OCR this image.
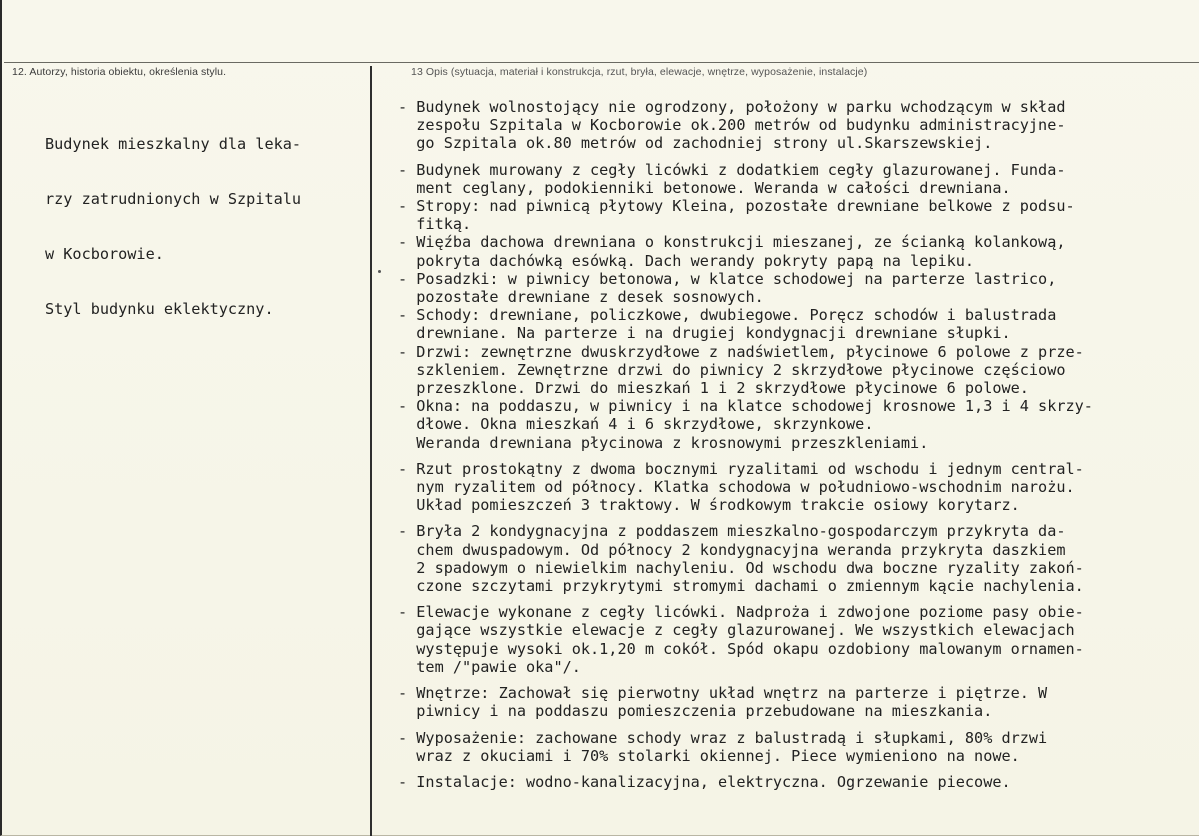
12. Autorzy, historia obiektu, określenia stylu.	13 Opis (sytuacja, materiał i konstrukcja, rzut, bryła, elewacje, wnętrze, wyposażenie, instalacje)

Budynek mieszkalny dla leka-

rzy zatrudnionych w Szpitalu

w Kocborowie.

Styl budynku eklektyczny.

- Budynek wolnostojący nie ogrodzony, położony w parku wchodzącym w skład
zespołu Szpitala w Kocborowie ok.200 metrów od budynku administracyjne-
go Szpitala ok.80 metrów od zachodniej strony ul.Skarszewskiej.

- Budynek murowany z cegły licówki z dodatkiem cegły glazurowanej. Funda-
ment ceglany, podokienniki betonowe. Weranda w całości drewniana.

- Stropy: nad piwnicą płytowy Kleina, pozostałe drewniane belkowe z podsu-
fitką.

- Więźba dachowa drewniana o konstrukcji mieszanej, ze ścianką kolankową,
pokryta dachówką esówką. Dach werandy pokryty papą na lepiku.

- Posadzki: w piwnicy betonowa, w klatce schodowej na parterze lastrico,
pozostałe drewniane z desek sosnowych.

- Schody: drewniane, policzkowe, dwubiegowe. Poręcz schodów i balustrada
drewniane. Na parterze i na drugiej kondygnacji drewniane słupki.

- Drzwi: zewnętrzne dwuskrzydłowe z nadświetlem, płycinowe 6 polowe z prze-
szkleniem. Zewnętrzne drzwi do piwnicy 2 skrzydłowe płycinowe częściowo
przeszklone. Drzwi do mieszkań 1 i 2 skrzydłowe płycinowe 6 polowe.

- Okna: na poddaszu, w piwnicy i na klatce schodowej krosnowe 1,3 i 4 skrzy-
dłowe. Okna mieszkań 4 i 6 skrzydłowe, skrzynkowe.
Weranda drewniana płycinowa z krosnowymi przeszkleniami.

- Rzut prostokątny z dwoma bocznymi ryzalitami od wschodu i jednym central-
nym ryzalitem od północy. Klatka schodowa w południowo-wschodnim narożu.
Układ pomieszczeń 3 traktowy. W środkowym trakcie osiowy korytarz.

- Bryła 2 kondygnacyjna z poddaszem mieszkalno-gospodarczym przykryta da-
chem dwuspadowym. Od północy 2 kondygnacyjna weranda przykryta daszkiem
2 spadowym o niewielkim nachyleniu. Od wschodu dwa boczne ryzality zakoń-
czone szczytami przykrytymi stromymi dachami o zmiennym kącie nachylenia.

- Elewacje wykonane z cegły licówki. Nadproża i zdwojone poziome pasy obie-
gające wszystkie elewacje z cegły glazurowanej. We wszystkich elewacjach
występuje wysoki ok.1,20 m cokół. Spód okapu ozdobiony malowanym ornamen-
tem /"pawie oka"/.

- Wnętrze: Zachował się pierwotny układ wnętrz na parterze i piętrze. W
piwnicy i na poddaszu pomieszczenia przebudowane na mieszkania.

- Wyposażenie: zachowane schody wraz z balustradą i słupkami, 80% drzwi
wraz z okuciami i 70% stolarki okiennej. Piece wymieniono na nowe.

- Instalacje: wodno-kanalizacyjna, elektryczna. Ogrzewanie piecowe.
